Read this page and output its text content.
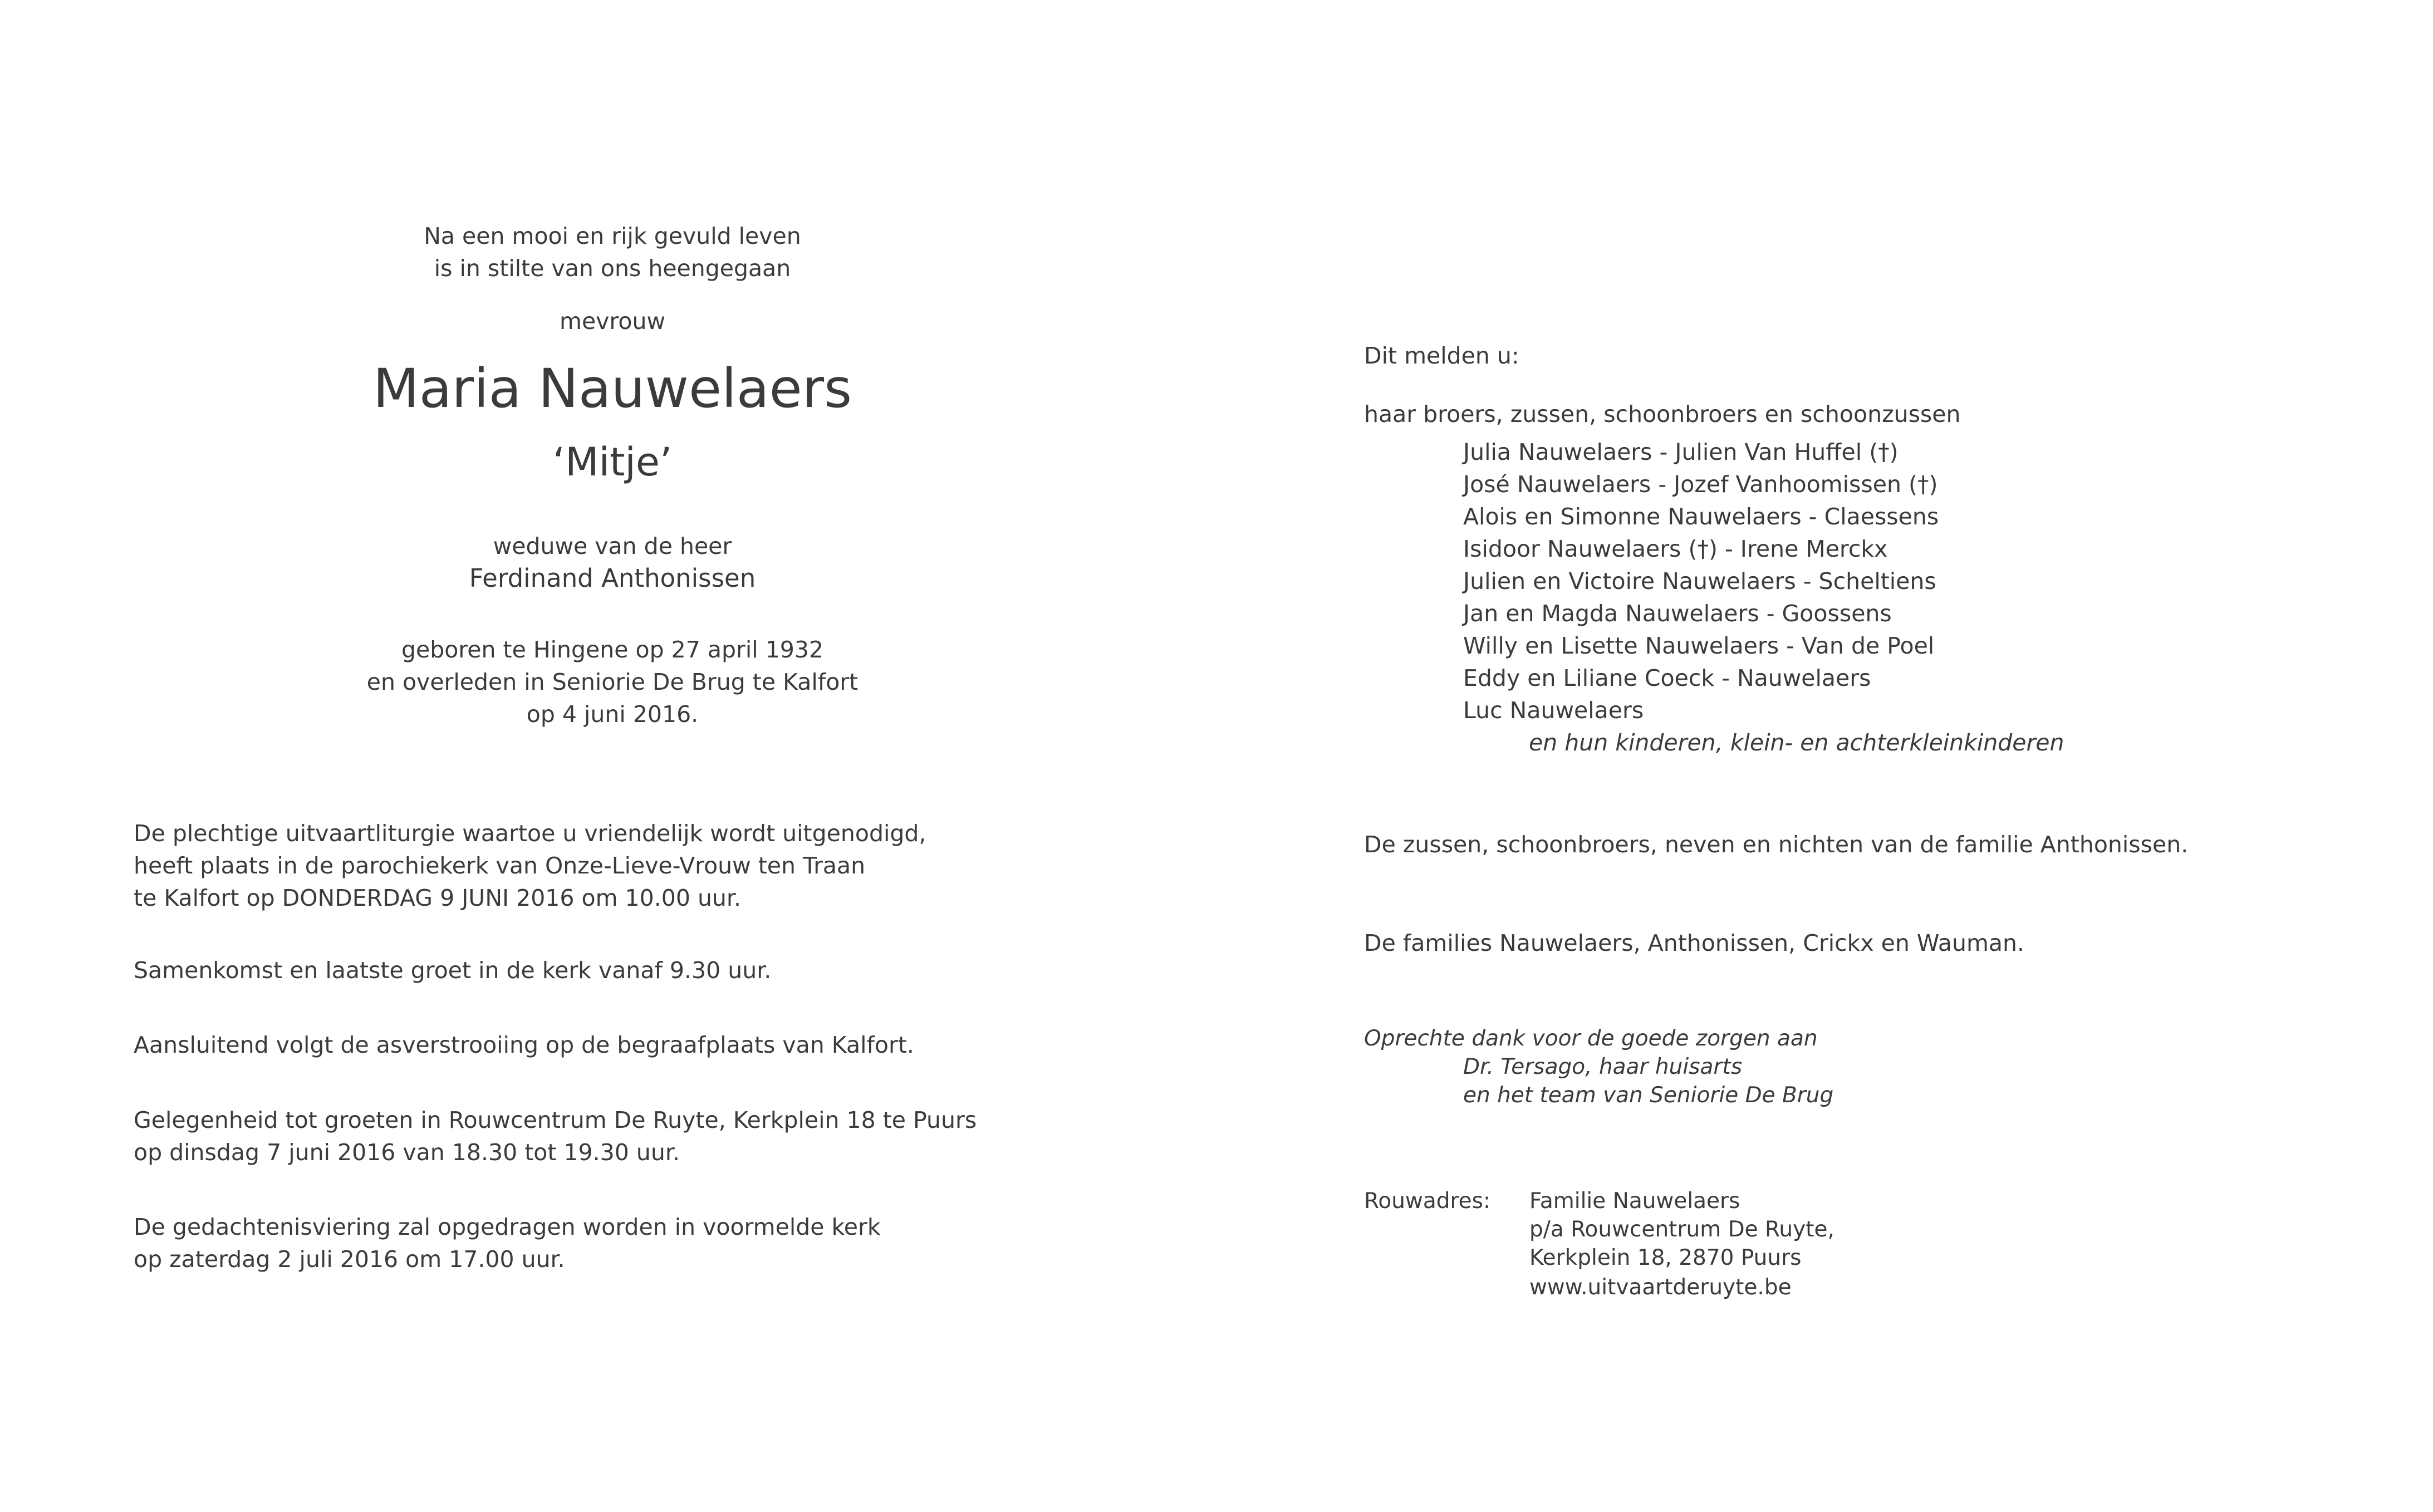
Na een mooi en rijk gevuld leven
is in stilte van ons heengegaan
mevrouw
Maria Nauwelaers
‘Mitje’
weduwe van de heer
Ferdinand Anthonissen
geboren te Hingene op 27 april 1932
en overleden in Seniorie De Brug te Kalfort
op 4 juni 2016.
De plechtige uitvaartliturgie waartoe u vriendelijk wordt uitgenodigd,
heeft plaats in de parochiekerk van Onze-Lieve-Vrouw ten Traan
te Kalfort op DONDERDAG 9 JUNI 2016 om 10.00 uur.
Samenkomst en laatste groet in de kerk vanaf 9.30 uur.
Aansluitend volgt de asverstrooiing op de begraafplaats van Kalfort.
Gelegenheid tot groeten in Rouwcentrum De Ruyte, Kerkplein 18 te Puurs
op dinsdag 7 juni 2016 van 18.30 tot 19.30 uur.
De gedachtenisviering zal opgedragen worden in voormelde kerk
op zaterdag 2 juli 2016 om 17.00 uur.
Dit melden u:
haar broers, zussen, schoonbroers en schoonzussen
Julia Nauwelaers - Julien Van Huffel (†)
José Nauwelaers - Jozef Vanhoomissen (†)
Alois en Simonne Nauwelaers - Claessens
Isidoor Nauwelaers (†) - Irene Merckx
Julien en Victoire Nauwelaers - Scheltiens
Jan en Magda Nauwelaers - Goossens
Willy en Lisette Nauwelaers - Van de Poel
Eddy en Liliane Coeck - Nauwelaers
Luc Nauwelaers
en hun kinderen, klein- en achterkleinkinderen
De zussen, schoonbroers, neven en nichten van de familie Anthonissen.
De families Nauwelaers, Anthonissen, Crickx en Wauman.
Oprechte dank voor de goede zorgen aan
Dr. Tersago, haar huisarts
en het team van Seniorie De Brug
Rouwadres: Familie Nauwelaers
p/a Rouwcentrum De Ruyte,
Kerkplein 18, 2870 Puurs
www.uitvaartderuyte.be
